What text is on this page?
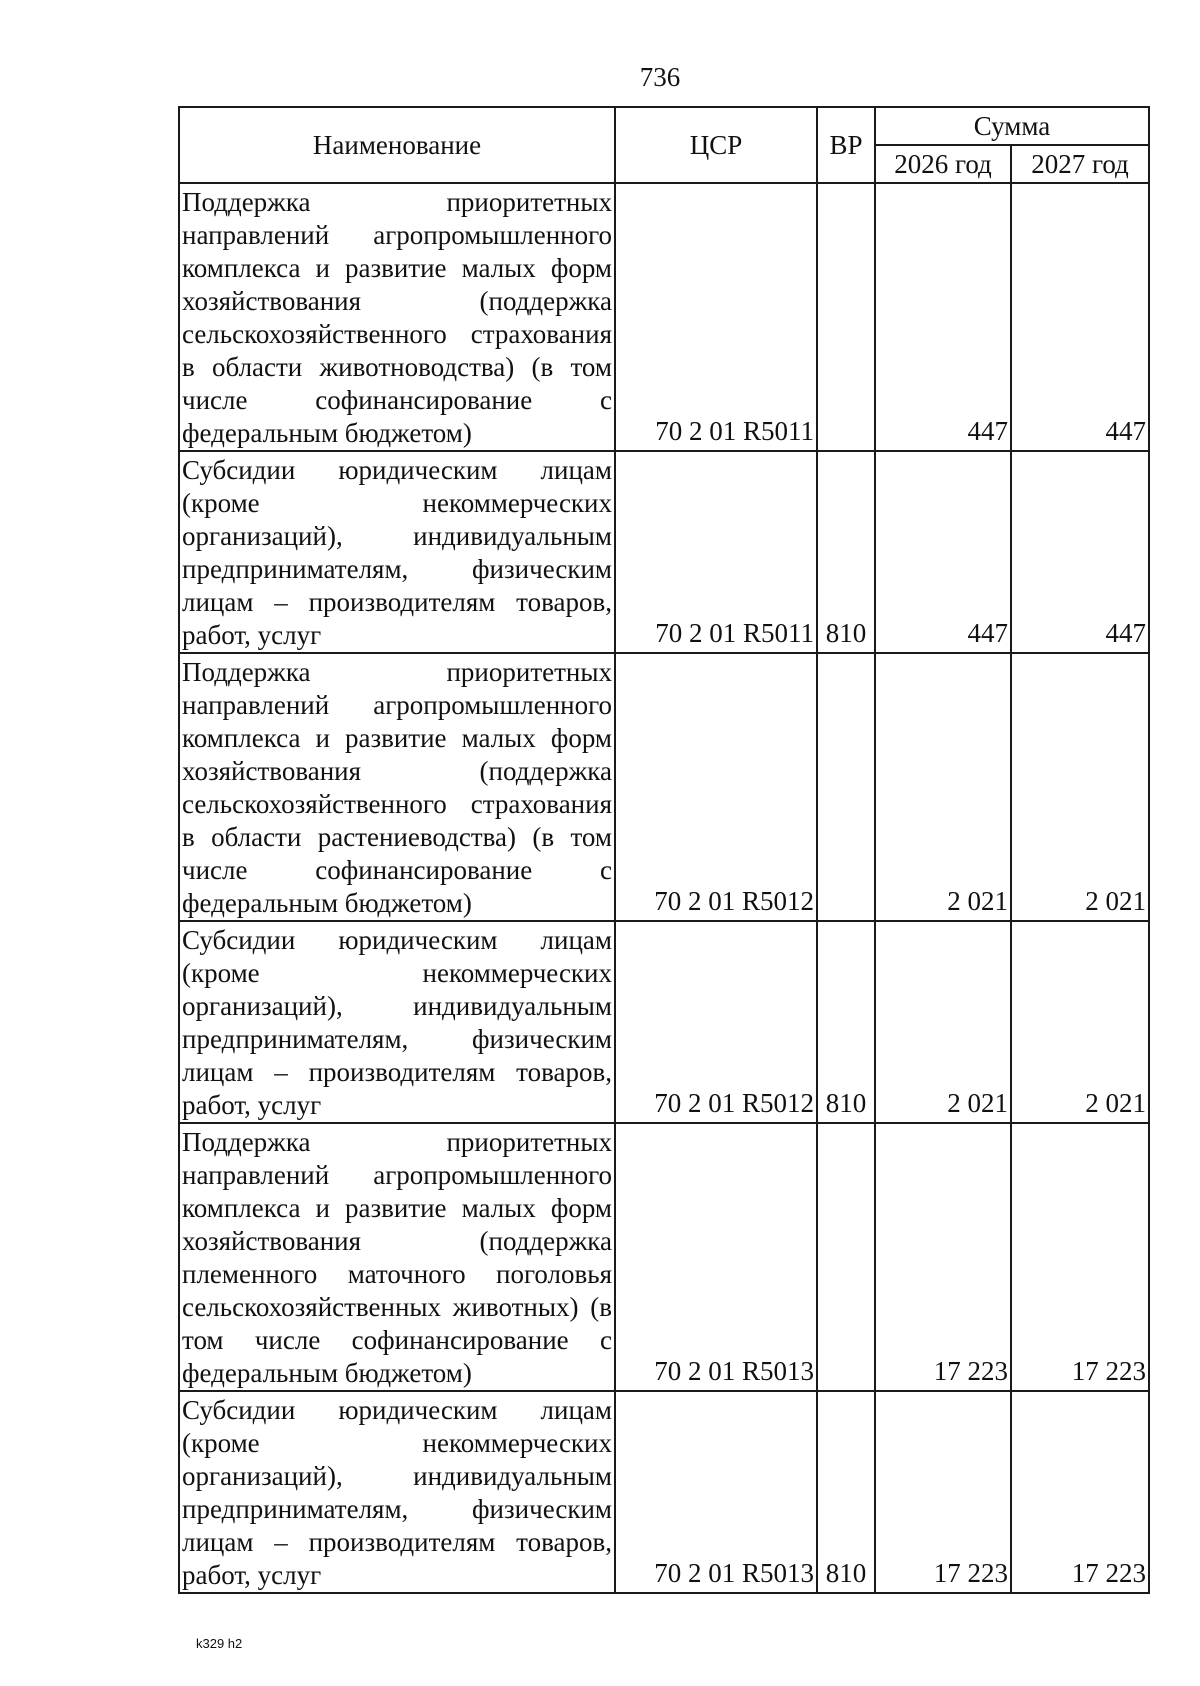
736
Наименование	ЦСР	ВР	Сумма	
			2026 год	2027 год
Поддержка приоритетных направлений агропромышленного комплекса и развитие малых форм хозяйствования (поддержка сельскохозяйственного страхования в области животноводства) (в том числе софинансирование с федеральным бюджетом)	70 2 01 R5011		447	447
Субсидии юридическим лицам (кроме некоммерческих организаций), индивидуальным предпринимателям, физическим лицам – производителям товаров, работ, услуг	70 2 01 R5011	810	447	447
Поддержка приоритетных направлений агропромышленного комплекса и развитие малых форм хозяйствования (поддержка сельскохозяйственного страхования в области растениеводства) (в том числе софинансирование с федеральным бюджетом)	70 2 01 R5012		2 021	2 021
Субсидии юридическим лицам (кроме некоммерческих организаций), индивидуальным предпринимателям, физическим лицам – производителям товаров, работ, услуг	70 2 01 R5012	810	2 021	2 021
Поддержка приоритетных направлений агропромышленного комплекса и развитие малых форм хозяйствования (поддержка племенного маточного поголовья сельскохозяйственных животных) (в том числе софинансирование с федеральным бюджетом)	70 2 01 R5013		17 223	17 223
Субсидии юридическим лицам (кроме некоммерческих организаций), индивидуальным предпринимателям, физическим лицам – производителям товаров, работ, услуг	70 2 01 R5013	810	17 223	17 223
k329 h2
